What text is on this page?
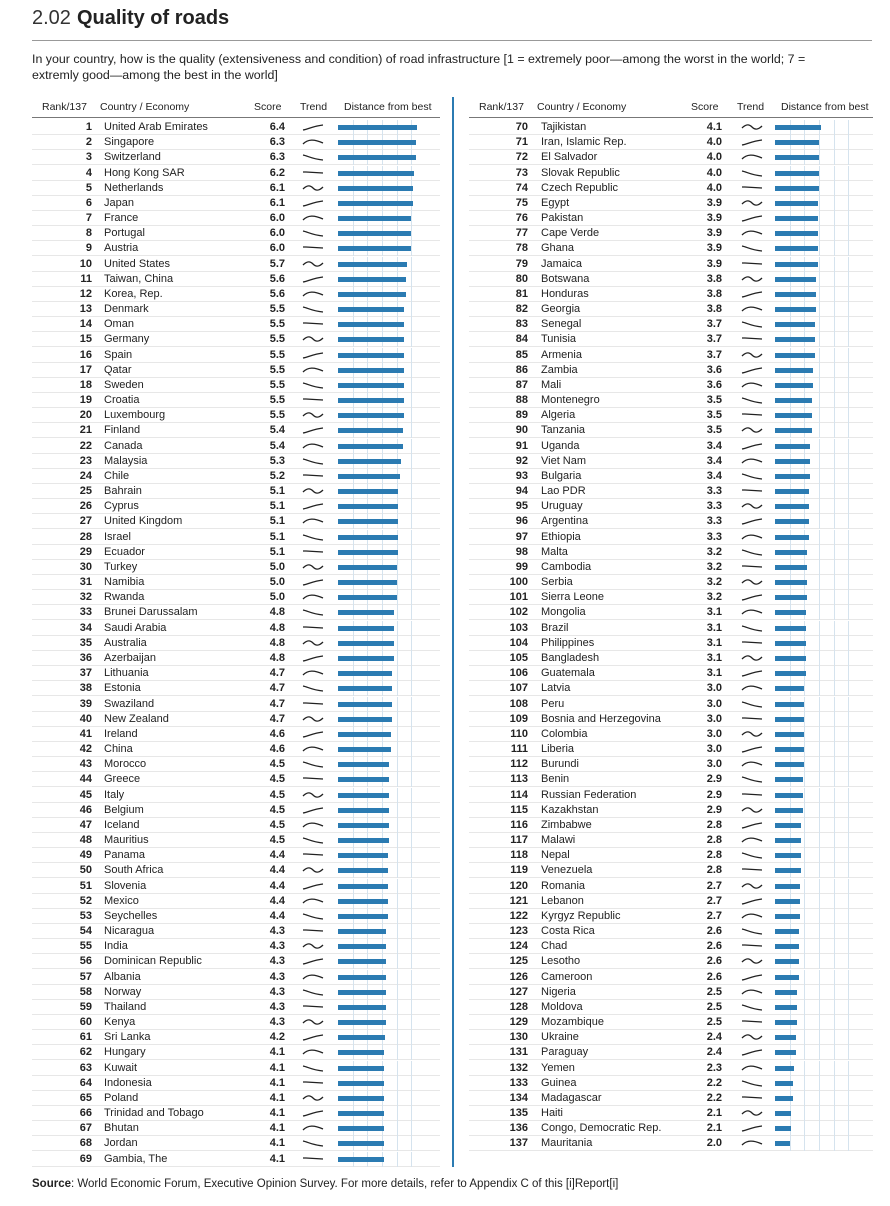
2.02 Quality of roads
In your country, how is the quality (extensiveness and condition) of road infrastructure [1 = extremely poor—among the worst in the world; 7 = extremly good—among the best in the world]
Rank/137 Country / Economy	Score Trend Distance from best	Rank/137 Country / Economy	Score Trend Distance from best
1 United Arab Emirates	6.4
2 Singapore	6.3
3 Switzerland	6.3
4 Hong Kong SAR	6.2
5 Netherlands	6.1
6 Japan	6.1
7 France	6.0
8 Portugal	6.0
9 Austria	6.0
10 United States	5.7
11 Taiwan, China	5.6
12 Korea, Rep.	5.6
13 Denmark	5.5
14 Oman	5.5
15 Germany	5.5
16 Spain	5.5
17 Qatar	5.5
18 Sweden	5.5
19 Croatia	5.5
20 Luxembourg	5.5
21 Finland	5.4
22 Canada	5.4
23 Malaysia	5.3
24 Chile	5.2
25 Bahrain	5.1
26 Cyprus	5.1
27 United Kingdom	5.1
28 Israel	5.1
29 Ecuador	5.1
30 Turkey	5.0
31 Namibia	5.0
32 Rwanda	5.0
33 Brunei Darussalam	4.8
34 Saudi Arabia	4.8
35 Australia	4.8
36 Azerbaijan	4.8
37 Lithuania	4.7
38 Estonia	4.7
39 Swaziland	4.7
40 New Zealand	4.7
41 Ireland	4.6
42 China	4.6
43 Morocco	4.5
44 Greece	4.5
45 Italy	4.5
46 Belgium	4.5
47 Iceland	4.5
48 Mauritius	4.5
49 Panama	4.4
50 South Africa	4.4
51 Slovenia	4.4
52 Mexico	4.4
53 Seychelles	4.4
54 Nicaragua	4.3
55 India	4.3
56 Dominican Republic	4.3
57 Albania	4.3
58 Norway	4.3
59 Thailand	4.3
60 Kenya	4.3
61 Sri Lanka	4.2
62 Hungary	4.1
63 Kuwait	4.1
64 Indonesia	4.1
65 Poland	4.1
66 Trinidad and Tobago	4.1
67 Bhutan	4.1
68 Jordan	4.1
69 Gambia, The	4.1
70 Tajikistan	4.1
71 Iran, Islamic Rep.	4.0
72 El Salvador	4.0
73 Slovak Republic	4.0
74 Czech Republic	4.0
75 Egypt	3.9
76 Pakistan	3.9
77 Cape Verde	3.9
78 Ghana	3.9
79 Jamaica	3.9
80 Botswana	3.8
81 Honduras	3.8
82 Georgia	3.8
83 Senegal	3.7
84 Tunisia	3.7
85 Armenia	3.7
86 Zambia	3.6
87 Mali	3.6
88 Montenegro	3.5
89 Algeria	3.5
90 Tanzania	3.5
91 Uganda	3.4
92 Viet Nam	3.4
93 Bulgaria	3.4
94 Lao PDR	3.3
95 Uruguay	3.3
96 Argentina	3.3
97 Ethiopia	3.3
98 Malta	3.2
99 Cambodia	3.2
100 Serbia	3.2
101 Sierra Leone	3.2
102 Mongolia	3.1
103 Brazil	3.1
104 Philippines	3.1
105 Bangladesh	3.1
106 Guatemala	3.1
107 Latvia	3.0
108 Peru	3.0
109 Bosnia and Herzegovina	3.0
110 Colombia	3.0
111 Liberia	3.0
112 Burundi	3.0
113 Benin	2.9
114 Russian Federation	2.9
115 Kazakhstan	2.9
116 Zimbabwe	2.8
117 Malawi	2.8
118 Nepal	2.8
119 Venezuela	2.8
120 Romania	2.7
121 Lebanon	2.7
122 Kyrgyz Republic	2.7
123 Costa Rica	2.6
124 Chad	2.6
125 Lesotho	2.6
126 Cameroon	2.6
127 Nigeria	2.5
128 Moldova	2.5
129 Mozambique	2.5
130 Ukraine	2.4
131 Paraguay	2.4
132 Yemen	2.3
133 Guinea	2.2
134 Madagascar	2.2
135 Haiti	2.1
136 Congo, Democratic Rep.	2.1
137 Mauritania	2.0
Source: World Economic Forum, Executive Opinion Survey. For more details, refer to Appendix C of this [i]Report[i]
